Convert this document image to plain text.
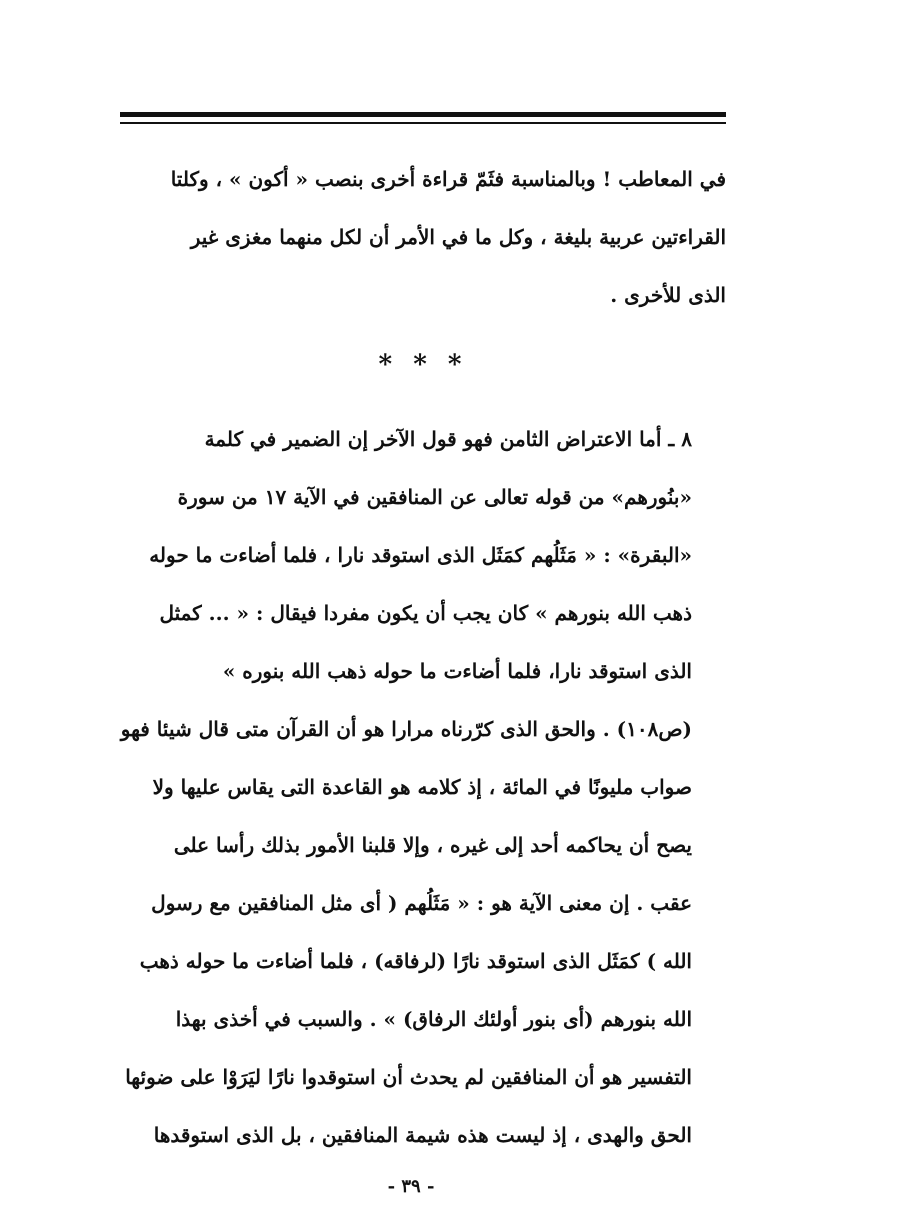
في المعاطب ! وبالمناسبة فثَمّ قراءة أخرى بنصب « أكون » ، وكلتا
القراءتين عربية بليغة ، وكل ما في الأمر أن لكل منهما مغزى غير
الذى للأخرى .

* * *

٨ ـ أما الاعتراض الثامن فهو قول الآخر إن الضمير في كلمة
«بنُورهم» من قوله تعالى عن المنافقين في الآية ١٧ من سورة
«البقرة» : « مَثَلُهم كمَثَل الذى استوقد نارا ، فلما أضاءت ما حوله
ذهب الله بنورهم » كان يجب أن يكون مفردا فيقال : « ... كمثل
الذى استوقد نارا، فلما أضاءت ما حوله ذهب الله بنوره »
(ص١٠٨) . والحق الذى كرّرناه مرارا هو أن القرآن متى قال شيئا فهو
صواب مليونًا في المائة ، إذ كلامه هو القاعدة التى يقاس عليها ولا
يصح أن يحاكمه أحد إلى غيره ، وإلا قلبنا الأمور بذلك رأسا على
عقب . إن معنى الآية هو : « مَثَلُهم ( أى مثل المنافقين مع رسول
الله ) كمَثَل الذى استوقد نارًا (لرفاقه) ، فلما أضاءت ما حوله ذهب
الله بنورهم (أى بنور أولئك الرفاق) » . والسبب في أخذى بهذا
التفسير هو أن المنافقين لم يحدث أن استوقدوا نارًا ليَرَوْا على ضوئها
الحق والهدى ، إذ ليست هذه شيمة المنافقين ، بل الذى استوقدها

- ٣٩ -
